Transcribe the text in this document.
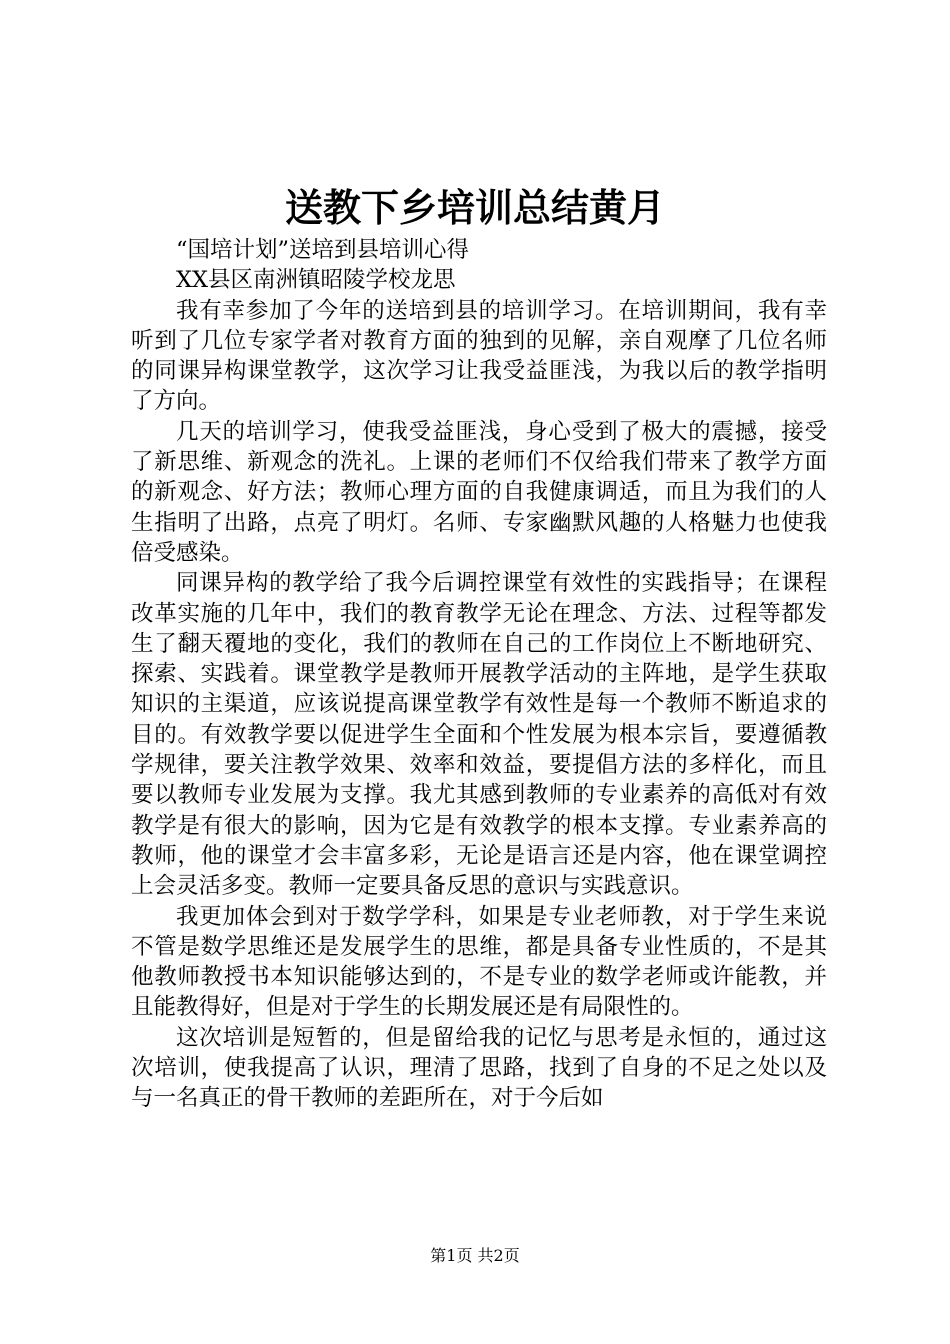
送教下乡培训总结黄月

“国培计划”送培到县培训心得

XX县区南洲镇昭陵学校龙思

我有幸参加了今年的送培到县的培训学习。在培训期间，我有幸听到了几位专家学者对教育方面的独到的见解，亲自观摩了几位名师的同课异构课堂教学，这次学习让我受益匪浅，为我以后的教学指明了方向。

几天的培训学习，使我受益匪浅，身心受到了极大的震撼，接受了新思维、新观念的洗礼。上课的老师们不仅给我们带来了教学方面的新观念、好方法；教师心理方面的自我健康调适，而且为我们的人生指明了出路，点亮了明灯。名师、专家幽默风趣的人格魅力也使我倍受感染。

同课异构的教学给了我今后调控课堂有效性的实践指导；在课程改革实施的几年中，我们的教育教学无论在理念、方法、过程等都发生了翻天覆地的变化，我们的教师在自己的工作岗位上不断地研究、探索、实践着。课堂教学是教师开展教学活动的主阵地，是学生获取知识的主渠道，应该说提高课堂教学有效性是每一个教师不断追求的目的。有效教学要以促进学生全面和个性发展为根本宗旨，要遵循教学规律，要关注教学效果、效率和效益，要提倡方法的多样化，而且要以教师专业发展为支撑。我尤其感到教师的专业素养的高低对有效教学是有很大的影响，因为它是有效教学的根本支撑。专业素养高的教师，他的课堂才会丰富多彩，无论是语言还是内容，他在课堂调控上会灵活多变。教师一定要具备反思的意识与实践意识。

我更加体会到对于数学学科，如果是专业老师教，对于学生来说不管是数学思维还是发展学生的思维，都是具备专业性质的，不是其他教师教授书本知识能够达到的，不是专业的数学老师或许能教，并且能教得好，但是对于学生的长期发展还是有局限性的。

这次培训是短暂的，但是留给我的记忆与思考是永恒的，通过这次培训，使我提高了认识，理清了思路，找到了自身的不足之处以及与一名真正的骨干教师的差距所在，对于今后如

第1页 共2页
